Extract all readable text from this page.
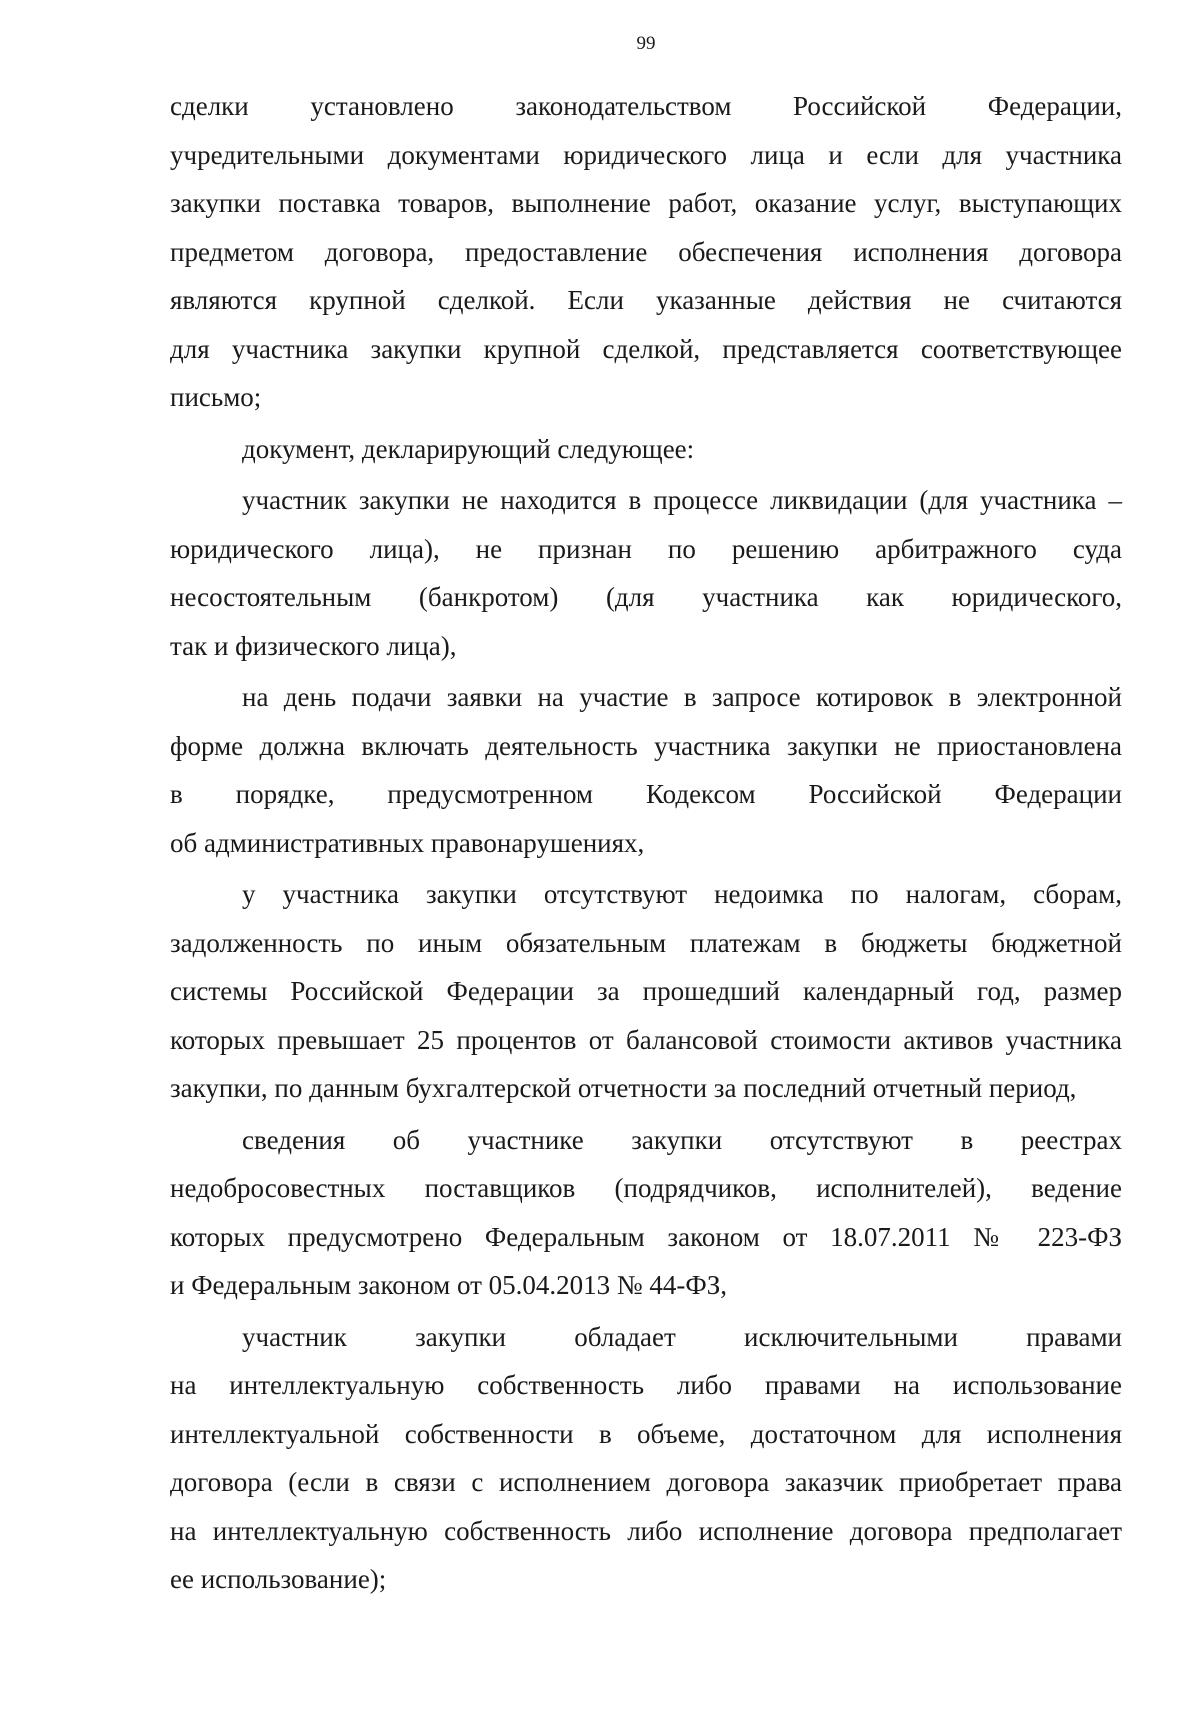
99
сделки установлено законодательством Российской Федерации,
учредительными документами юридического лица и если для участника
закупки поставка товаров, выполнение работ, оказание услуг, выступающих
предметом договора, предоставление обеспечения исполнения договора
являются крупной сделкой. Если указанные действия не считаются
для участника закупки крупной сделкой, представляется соответствующее
письмо;
документ, декларирующий следующее:
участник закупки не находится в процессе ликвидации (для участника –
юридического лица), не признан по решению арбитражного суда
несостоятельным (банкротом) (для участника как юридического,
так и физического лица),
на день подачи заявки на участие в запросе котировок в электронной
форме должна включать деятельность участника закупки не приостановлена
в порядке, предусмотренном Кодексом Российской Федерации
об административных правонарушениях,
у участника закупки отсутствуют недоимка по налогам, сборам,
задолженность по иным обязательным платежам в бюджеты бюджетной
системы Российской Федерации за прошедший календарный год, размер
которых превышает 25 процентов от балансовой стоимости активов участника
закупки, по данным бухгалтерской отчетности за последний отчетный период,
сведения об участнике закупки отсутствуют в реестрах
недобросовестных поставщиков (подрядчиков, исполнителей), ведение
которых предусмотрено Федеральным законом от 18.07.2011 № 223-ФЗ
и Федеральным законом от 05.04.2013 № 44-ФЗ,
участник закупки обладает исключительными правами
на интеллектуальную собственность либо правами на использование
интеллектуальной собственности в объеме, достаточном для исполнения
договора (если в связи с исполнением договора заказчик приобретает права
на интеллектуальную собственность либо исполнение договора предполагает
ее использование);
